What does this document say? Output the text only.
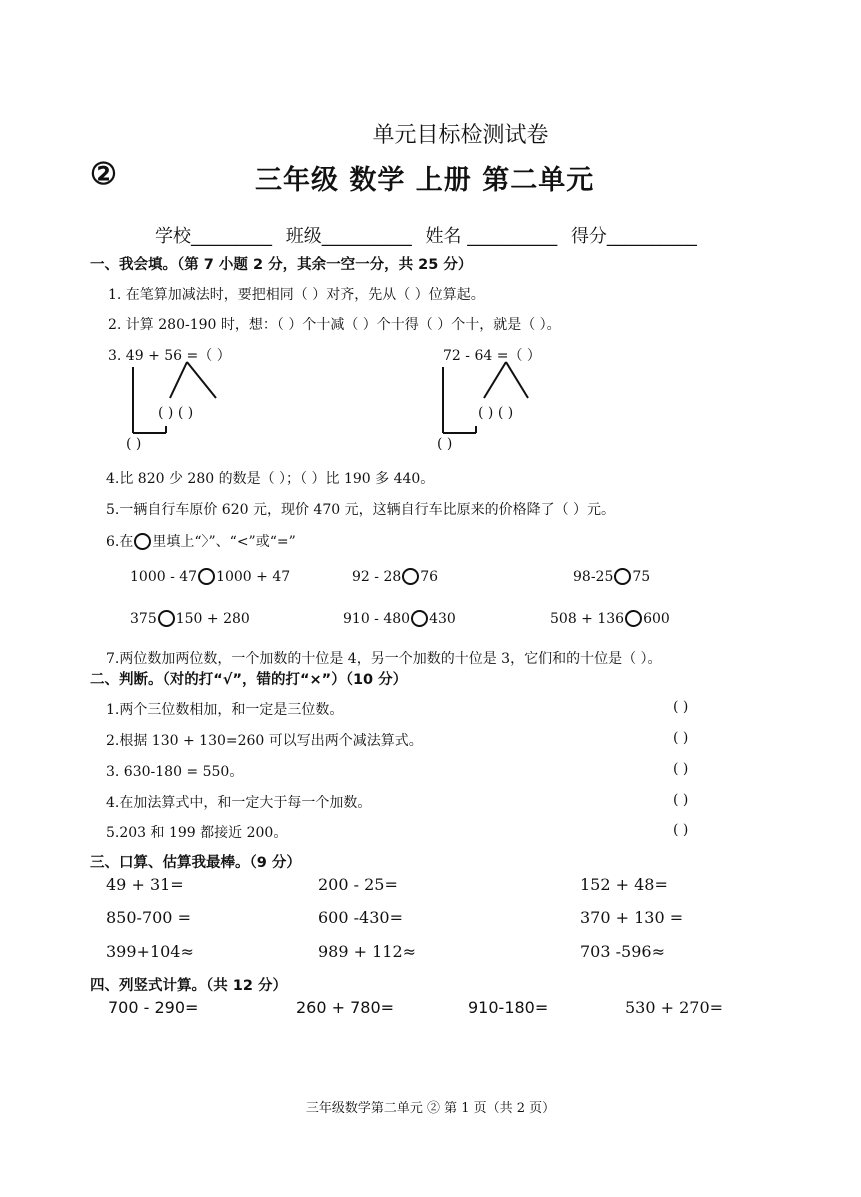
单元目标检测试卷
②	三年级 数学 上册 第二单元
学校_________ 班级__________ 姓名 __________ 得分__________
一、我会填。（第 7 小题 2 分，其余一空一分，共 25 分）
1. 在笔算加减法时，要把相同（ ）对齐，先从（ ）位算起。
2. 计算 280-190 时，想：（ ）个十减（ ）个十得（ ）个十，就是（ ）。
3. 49 + 56 =（ ）	72 - 64 =（ ）
( ) ( )
( )
( ) ( )
( )
4.比 820 少 280 的数是（ ）；（ ）比 190 多 440。
5.一辆自行车原价 620 元，现价 470 元，这辆自行车比原来的价格降了（ ）元。
6.在 里填上“〉”、“<”或“=”
1000 - 47 1000 + 47	92 - 28 76	98-25 75
375 150 + 280	910 - 480 430	508 + 136 600
7.两位数加两位数，一个加数的十位是 4，另一个加数的十位是 3，它们和的十位是（ ）。
二、判断。（对的打“√”，错的打“×”）（10 分）
1.两个三位数相加，和一定是三位数。	( )
2.根据 130 + 130=260 可以写出两个减法算式。	( )
3. 630-180 = 550。	( )
4.在加法算式中，和一定大于每一个加数。	( )
5.203 和 199 都接近 200。	( )
三、口算、估算我最棒。（9 分）
49 + 31=	200 - 25=	152 + 48=
850-700 =	600 -430=	370 + 130 =
399+104≈	989 + 112≈	703 -596≈
四、列竖式计算。（共 12 分）
700 - 290=	260 + 780=	910-180=	530 + 270=
三年级数学第二单元 ② 第 1 页（共 2 页）
